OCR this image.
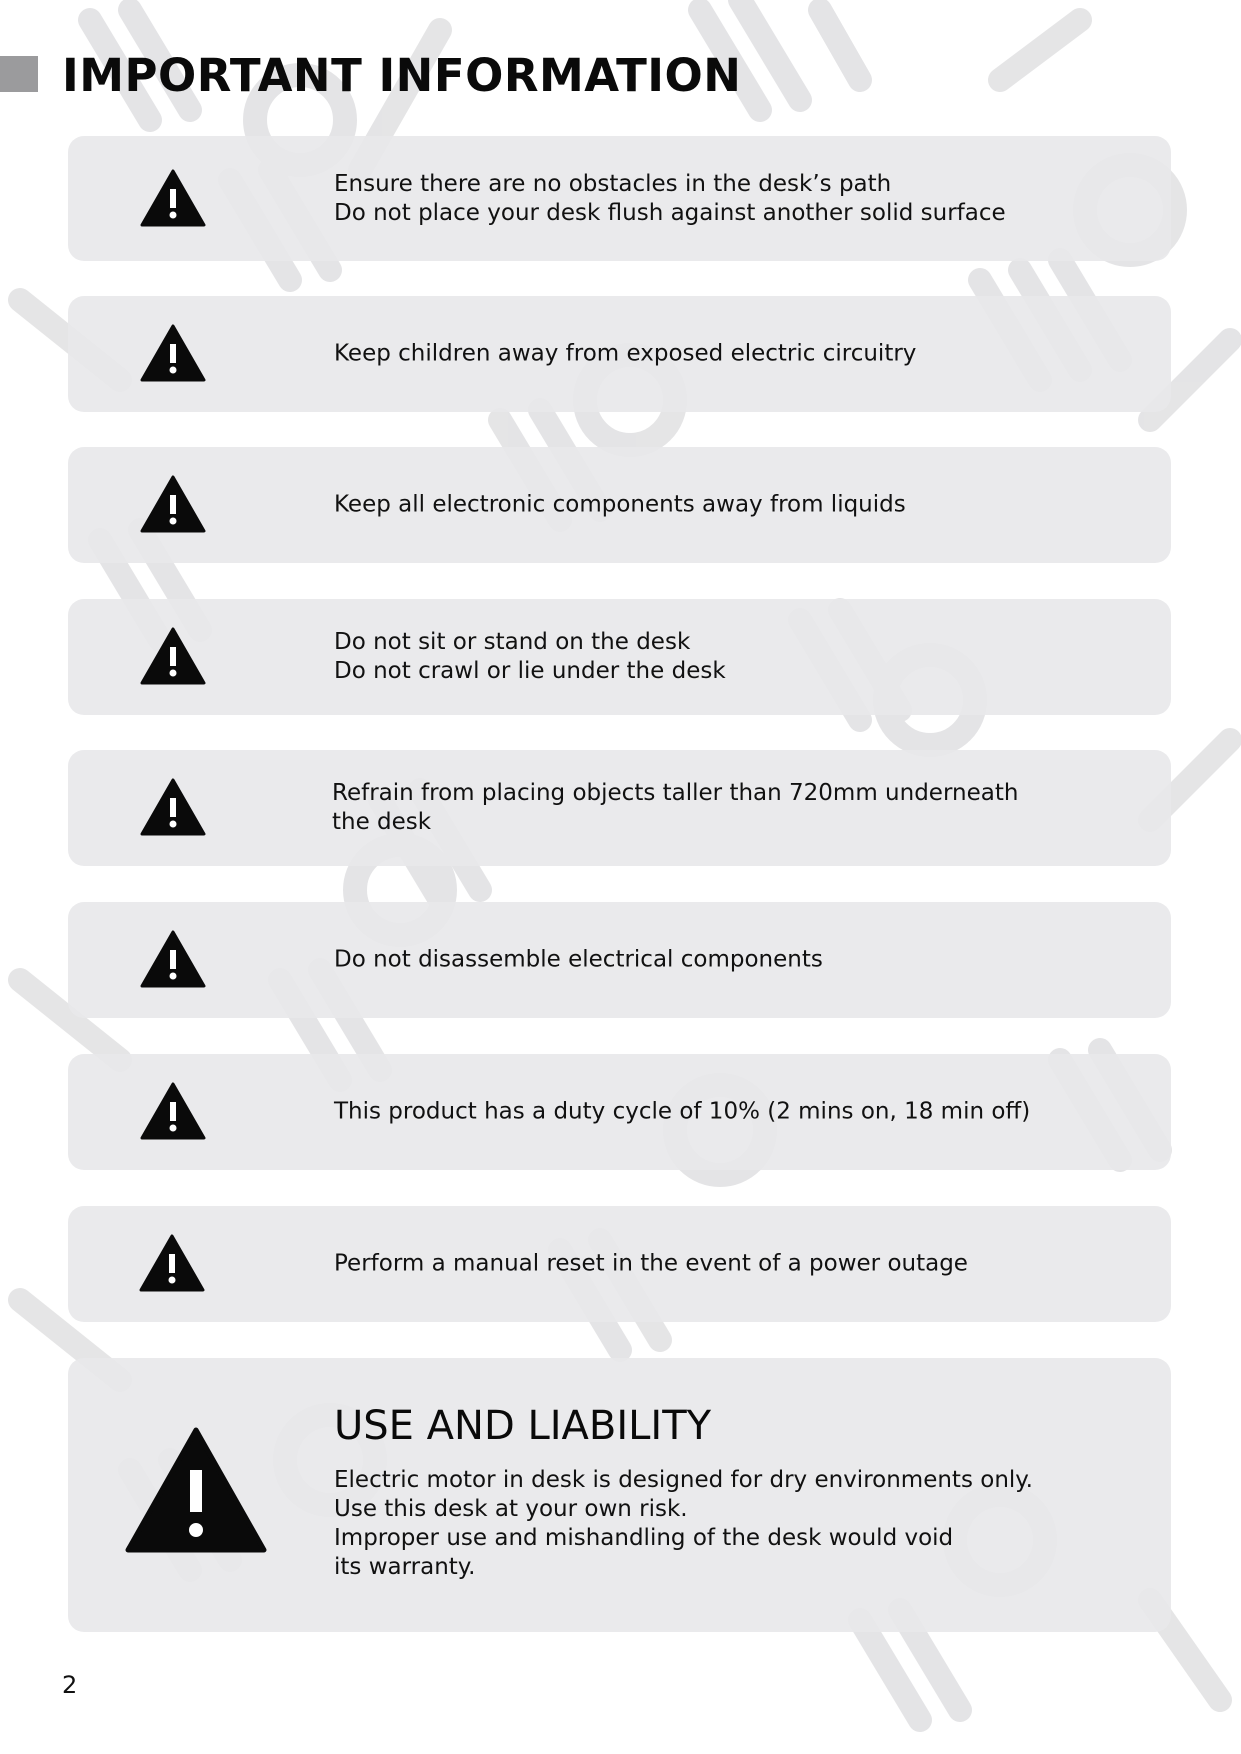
IMPORTANT INFORMATION
Ensure there are no obstacles in the desk’s path
Do not place your desk flush against another solid surface
Keep children away from exposed electric circuitry
Keep all electronic components away from liquids
Do not sit or stand on the desk
Do not crawl or lie under the desk
Refrain from placing objects taller than 720mm underneath
the desk
Do not disassemble electrical components
This product has a duty cycle of 10% (2 mins on, 18 min off)
Perform a manual reset in the event of a power outage
USE AND LIABILITY
Electric motor in desk is designed for dry environments only.
Use this desk at your own risk.
Improper use and mishandling of the desk would void
its warranty.
2
